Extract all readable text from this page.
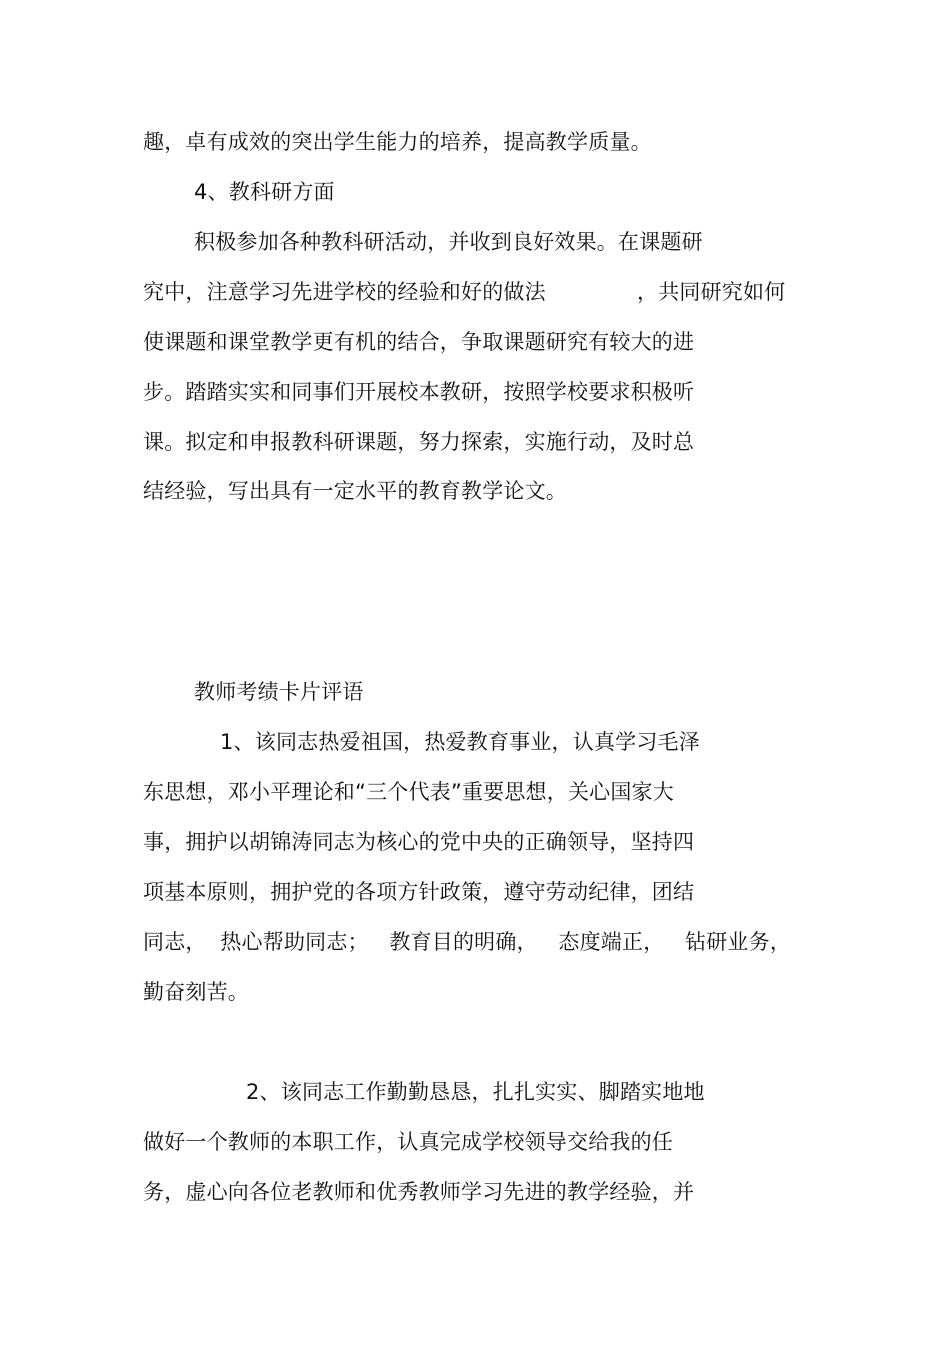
趣，卓有成效的突出学生能力的培养，提高教学质量。
4、教科研方面
积极参加各种教科研活动，并收到良好效果。在课题研
究中，注意学习先进学校的经验和好的做法	，共同研究如何
使课题和课堂教学更有机的结合，争取课题研究有较大的进
步。踏踏实实和同事们开展校本教研，按照学校要求积极听
课。拟定和申报教科研课题，努力探索，实施行动，及时总
结经验，写出具有一定水平的教育教学论文。
教师考绩卡片评语
1、该同志热爱祖国，热爱教育事业，认真学习毛泽
东思想，邓小平理论和“三个代表”重要思想，关心国家大
事，拥护以胡锦涛同志为核心的党中央的正确领导，坚持四
项基本原则，拥护党的各项方针政策，遵守劳动纪律，团结
同志，  热心帮助同志；   教育目的明确，   态度端正，   钻研业务，
勤奋刻苦。
2、该同志工作勤勤恳恳，扎扎实实、脚踏实地地
做好一个教师的本职工作，认真完成学校领导交给我的任
务，虚心向各位老教师和优秀教师学习先进的教学经验，并
